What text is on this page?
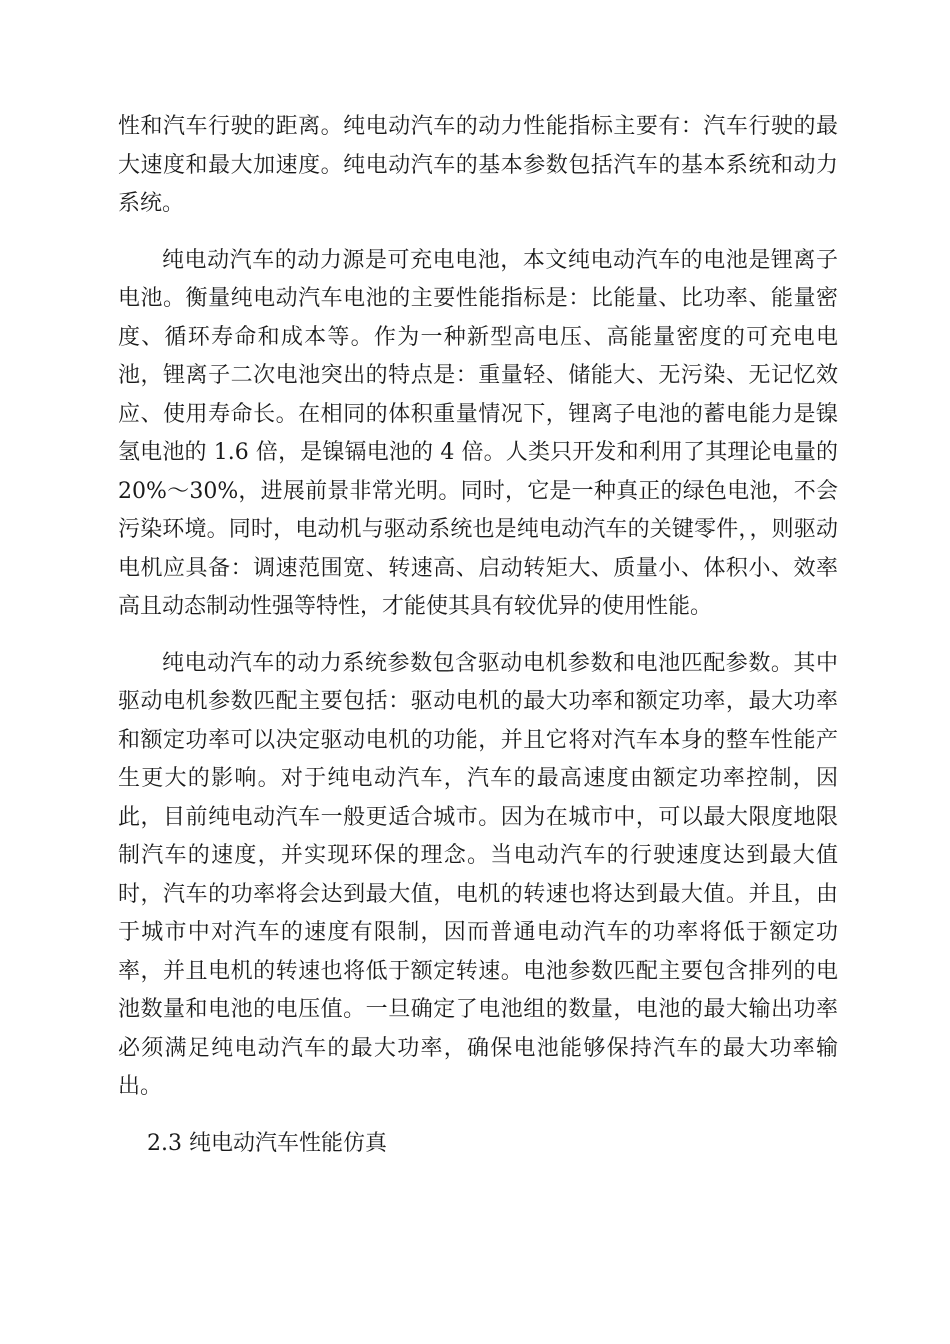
性和汽车行驶的距离。纯电动汽车的动力性能指标主要有：汽车行驶的最大速度和最大加速度。纯电动汽车的基本参数包括汽车的基本系统和动力系统。

纯电动汽车的动力源是可充电电池，本文纯电动汽车的电池是锂离子电池。衡量纯电动汽车电池的主要性能指标是：比能量、比功率、能量密度、循环寿命和成本等。作为一种新型高电压、高能量密度的可充电电池，锂离子二次电池突出的特点是：重量轻、储能大、无污染、无记忆效应、使用寿命长。在相同的体积重量情况下，锂离子电池的蓄电能力是镍氢电池的 1.6 倍，是镍镉电池的 4 倍。人类只开发和利用了其理论电量的 20%～30%，进展前景非常光明。同时，它是一种真正的绿色电池，不会污染环境。同时，电动机与驱动系统也是纯电动汽车的关键零件，，则驱动电机应具备：调速范围宽、转速高、启动转矩大、质量小、体积小、效率高且动态制动性强等特性，才能使其具有较优异的使用性能。

纯电动汽车的动力系统参数包含驱动电机参数和电池匹配参数。其中驱动电机参数匹配主要包括：驱动电机的最大功率和额定功率，最大功率和额定功率可以决定驱动电机的功能，并且它将对汽车本身的整车性能产生更大的影响。对于纯电动汽车，汽车的最高速度由额定功率控制，因此，目前纯电动汽车一般更适合城市。因为在城市中，可以最大限度地限制汽车的速度，并实现环保的理念。当电动汽车的行驶速度达到最大值时，汽车的功率将会达到最大值，电机的转速也将达到最大值。并且，由于城市中对汽车的速度有限制，因而普通电动汽车的功率将低于额定功率，并且电机的转速也将低于额定转速。电池参数匹配主要包含排列的电池数量和电池的电压值。一旦确定了电池组的数量，电池的最大输出功率必须满足纯电动汽车的最大功率，确保电池能够保持汽车的最大功率输出。

2.3 纯电动汽车性能仿真
